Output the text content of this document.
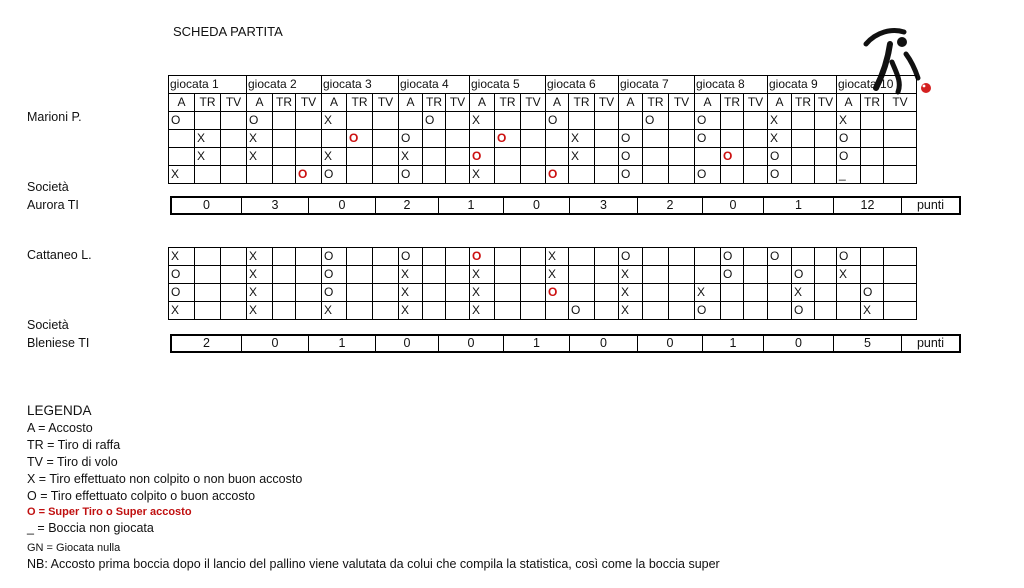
SCHEDA PARTITA
Marioni P.
Società
Aurora TI
giocata 1			giocata 2			giocata 3			giocata 4			giocata 5			giocata 6			giocata 7			giocata 8			giocata 9			giocata 10		
A	TR	TV	A	TR	TV	A	TR	TV	A	TR	TV	A	TR	TV	A	TR	TV	A	TR	TV	A	TR	TV	A	TR	TV	A	TR	TV
O			O			X				O		X			O				O		O			X			X		
	X		X				O		O				O			X		O			O			X			O		
	X		X			X			X			O				X		O				O		O			O		
X					O	O			O			X			O			O			O			O			_		
0	3	0	2	1	0	3	2	0	1	12	punti
Cattaneo L.
Società
Bleniese TI
X			X			O			O			O			X			O				O		O			O		
O			X			O			X			X			X			X				O			O		X		
O			X			O			X			X			O			X			X				X			O	
X			X			X			X			X				O		X			O				O			X	
2	0	1	0	0	1	0	0	1	0	5	punti
LEGENDA
A = Accosto
TR = Tiro di raffa
TV = Tiro di volo
X = Tiro effettuato non colpito o non buon accosto
O = Tiro effettuato colpito o buon accosto
O = Super Tiro o Super accosto
_ = Boccia non giocata
GN = Giocata nulla
NB: Accosto prima boccia dopo il lancio del pallino viene valutata da colui che compila la statistica, così come la boccia super
